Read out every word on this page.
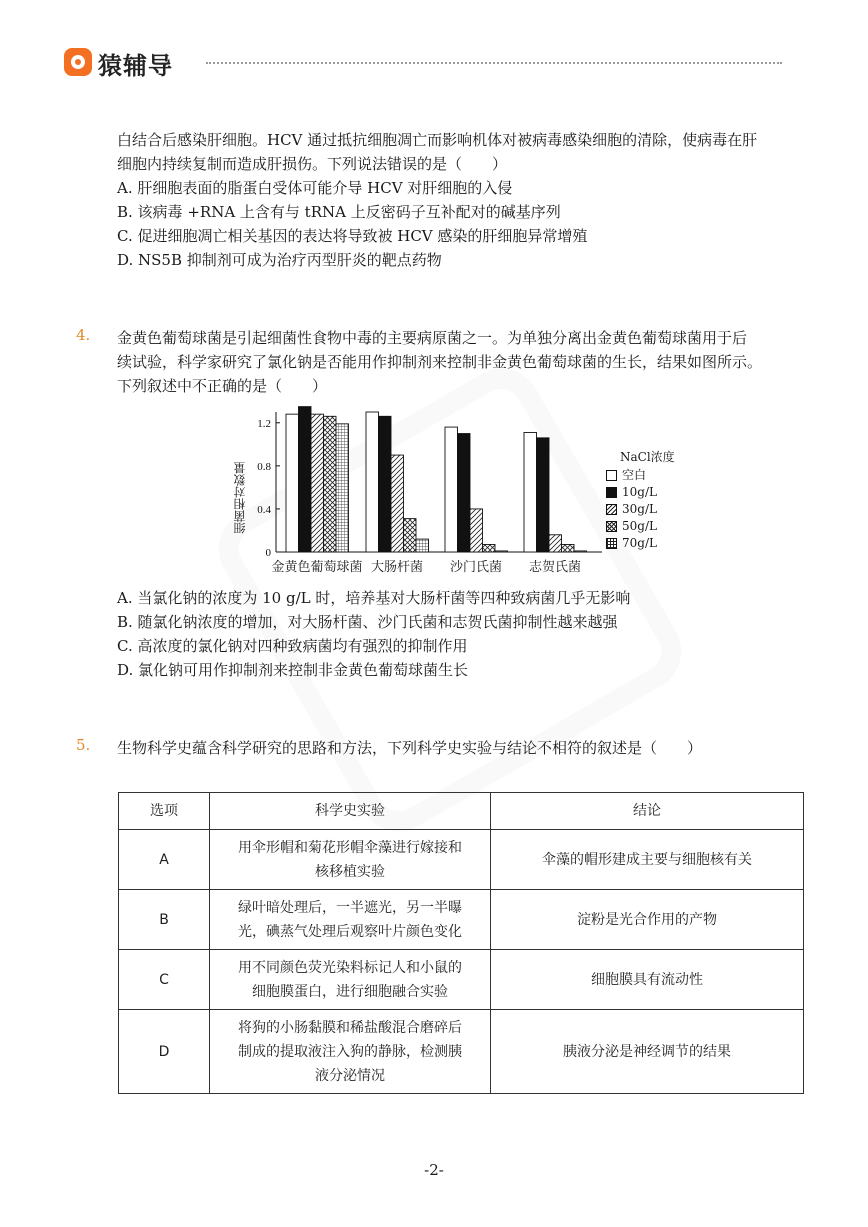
猿辅导
白结合后感染肝细胞。HCV 通过抵抗细胞凋亡而影响机体对被病毒感染细胞的清除，使病毒在肝
细胞内持续复制而造成肝损伤。下列说法错误的是（　　）
A. 肝细胞表面的脂蛋白受体可能介导 HCV 对肝细胞的入侵
B. 该病毒 +RNA 上含有与 tRNA 上反密码子互补配对的碱基序列
C. 促进细胞凋亡相关基因的表达将导致被 HCV 感染的肝细胞异常增殖
D. NS5B 抑制剂可成为治疗丙型肝炎的靶点药物
4. 金黄色葡萄球菌是引起细菌性食物中毒的主要病原菌之一。为单独分离出金黄色葡萄球菌用于后
续试验，科学家研究了氯化钠是否能用作抑制剂来控制非金黄色葡萄球菌的生长，结果如图所示。
下列叙述中不正确的是（　　）
0
0.4
0.8
1.2
细菌相对数量
金黄色葡萄球菌 大肠杆菌 沙门氏菌 志贺氏菌
NaCl浓度
空白
10g/L
30g/L
50g/L
70g/L
A. 当氯化钠的浓度为 10 g/L 时，培养基对大肠杆菌等四种致病菌几乎无影响
B. 随氯化钠浓度的增加，对大肠杆菌、沙门氏菌和志贺氏菌抑制性越来越强
C. 高浓度的氯化钠对四种致病菌均有强烈的抑制作用
D. 氯化钠可用作抑制剂来控制非金黄色葡萄球菌生长
5. 生物科学史蕴含科学研究的思路和方法，下列科学史实验与结论不相符的叙述是（　　）
选项	科学史实验	结论
A	用伞形帽和菊花形帽伞藻进行嫁接和
核移植实验	伞藻的帽形建成主要与细胞核有关
B	绿叶暗处理后，一半遮光，另一半曝
光，碘蒸气处理后观察叶片颜色变化	淀粉是光合作用的产物
C	用不同颜色荧光染料标记人和小鼠的
细胞膜蛋白，进行细胞融合实验	细胞膜具有流动性
D	将狗的小肠黏膜和稀盐酸混合磨碎后
制成的提取液注入狗的静脉，检测胰
液分泌情况	胰液分泌是神经调节的结果
-2-
